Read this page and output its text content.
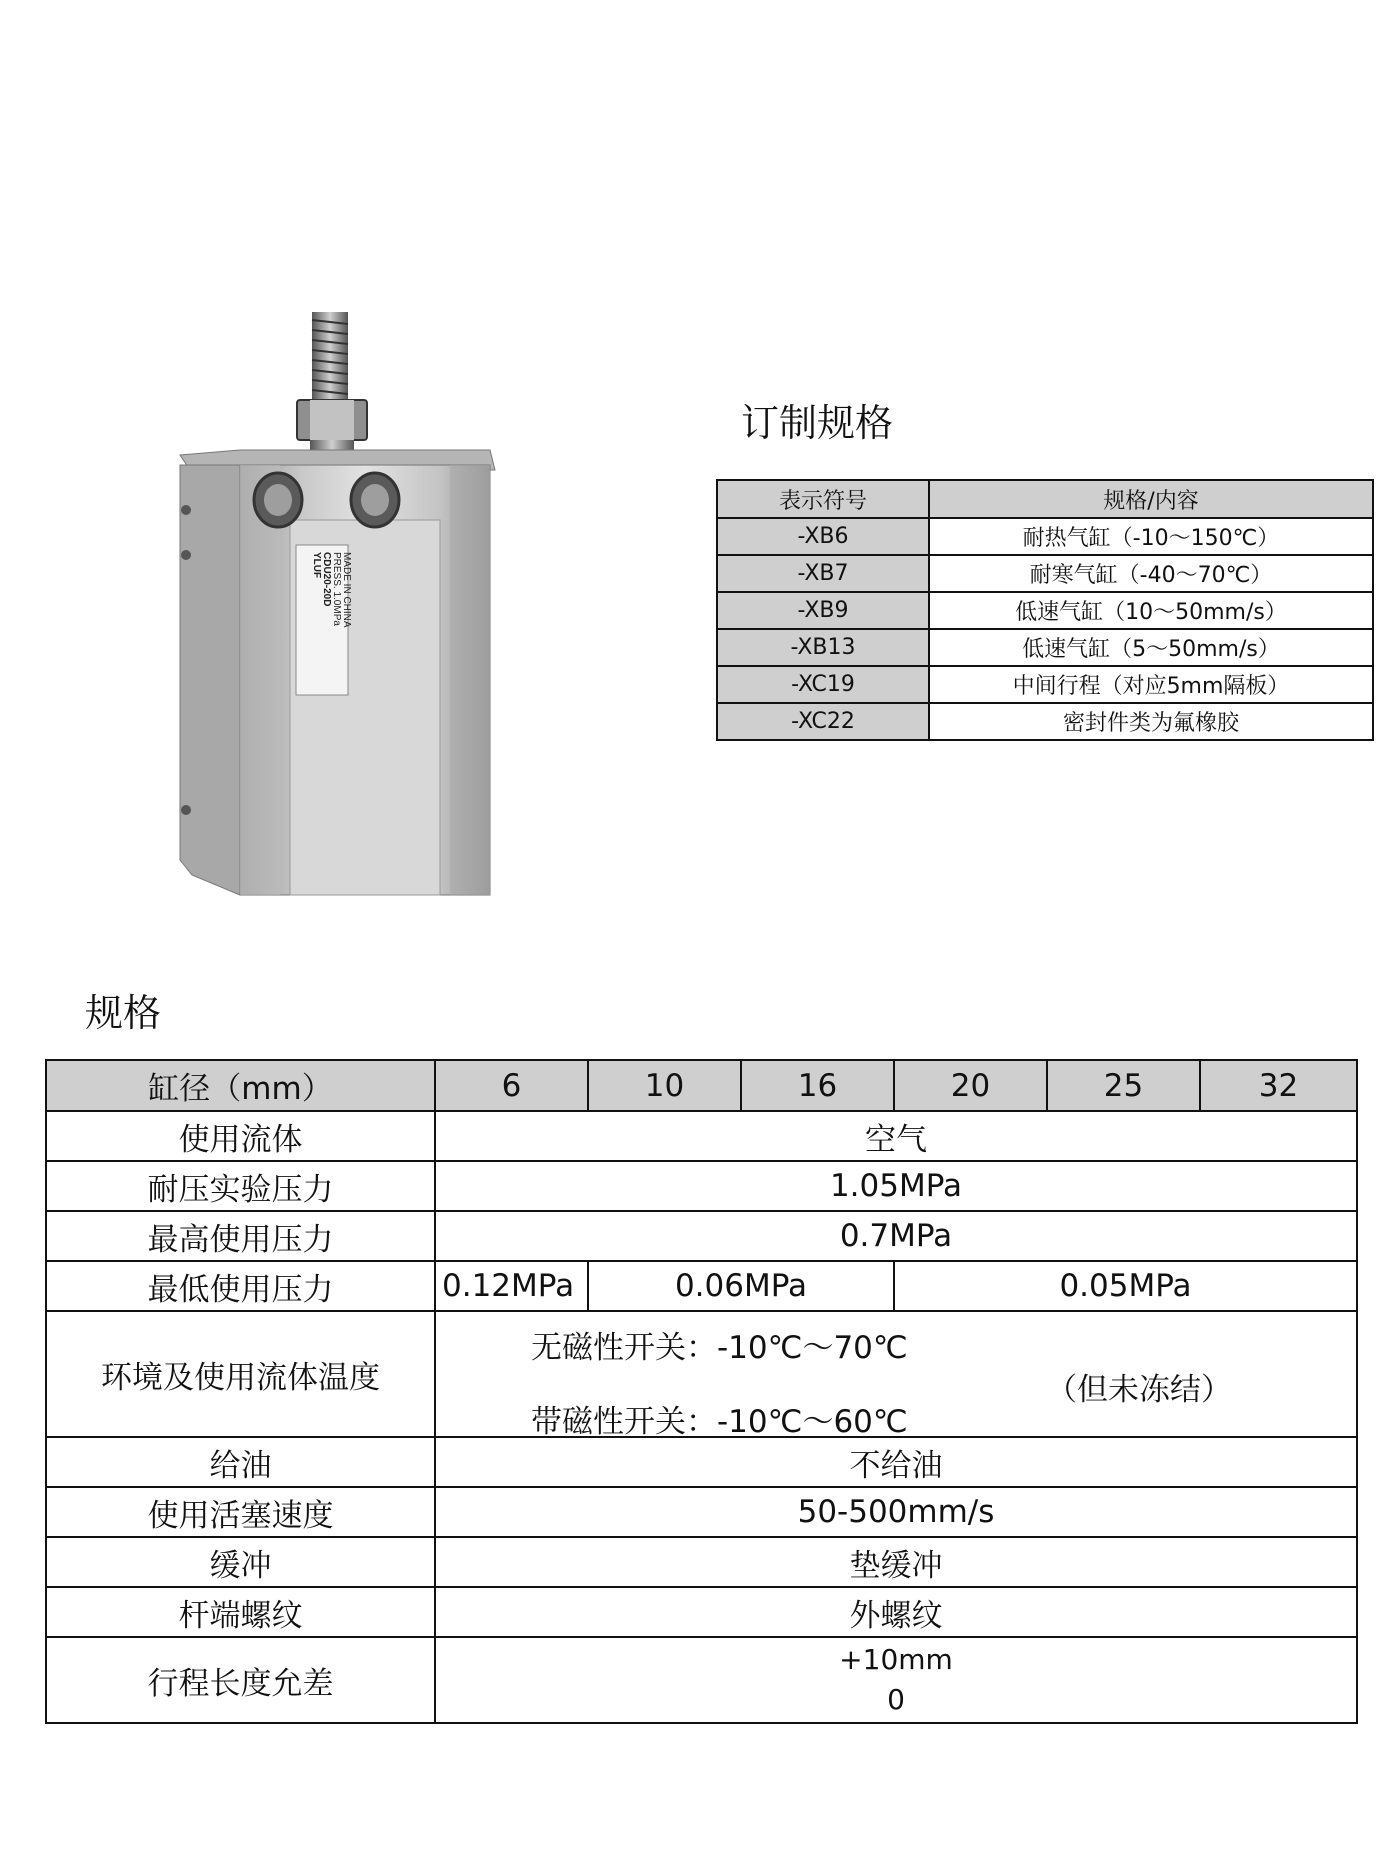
YLUF CDU20-20D PRESS. 1.0MPa MADE IN CHINA
订制规格
表示符号	规格/内容
-XB6	耐热气缸（-10～150℃）
-XB7	耐寒气缸（-40～70℃）
-XB9	低速气缸（10～50mm/s）
-XB13	低速气缸（5～50mm/s）
-XC19	中间行程（对应5mm隔板）
-XC22	密封件类为氟橡胶
规格
缸径（mm）	6	10	16	20	25	32
使用流体	空气					
耐压实验压力	1.05MPa					
最高使用压力	0.7MPa					
最低使用压力	0.12MPa	0.06MPa		0.05MPa		
环境及使用流体温度	无磁性开关：-10℃～70℃
（但未冻结）
带磁性开关：-10℃～60℃					

给油	不给油					
使用活塞速度	50-500mm/s					
缓冲	垫缓冲					
杆端螺纹	外螺纹					
行程长度允差	+10mm
0					
